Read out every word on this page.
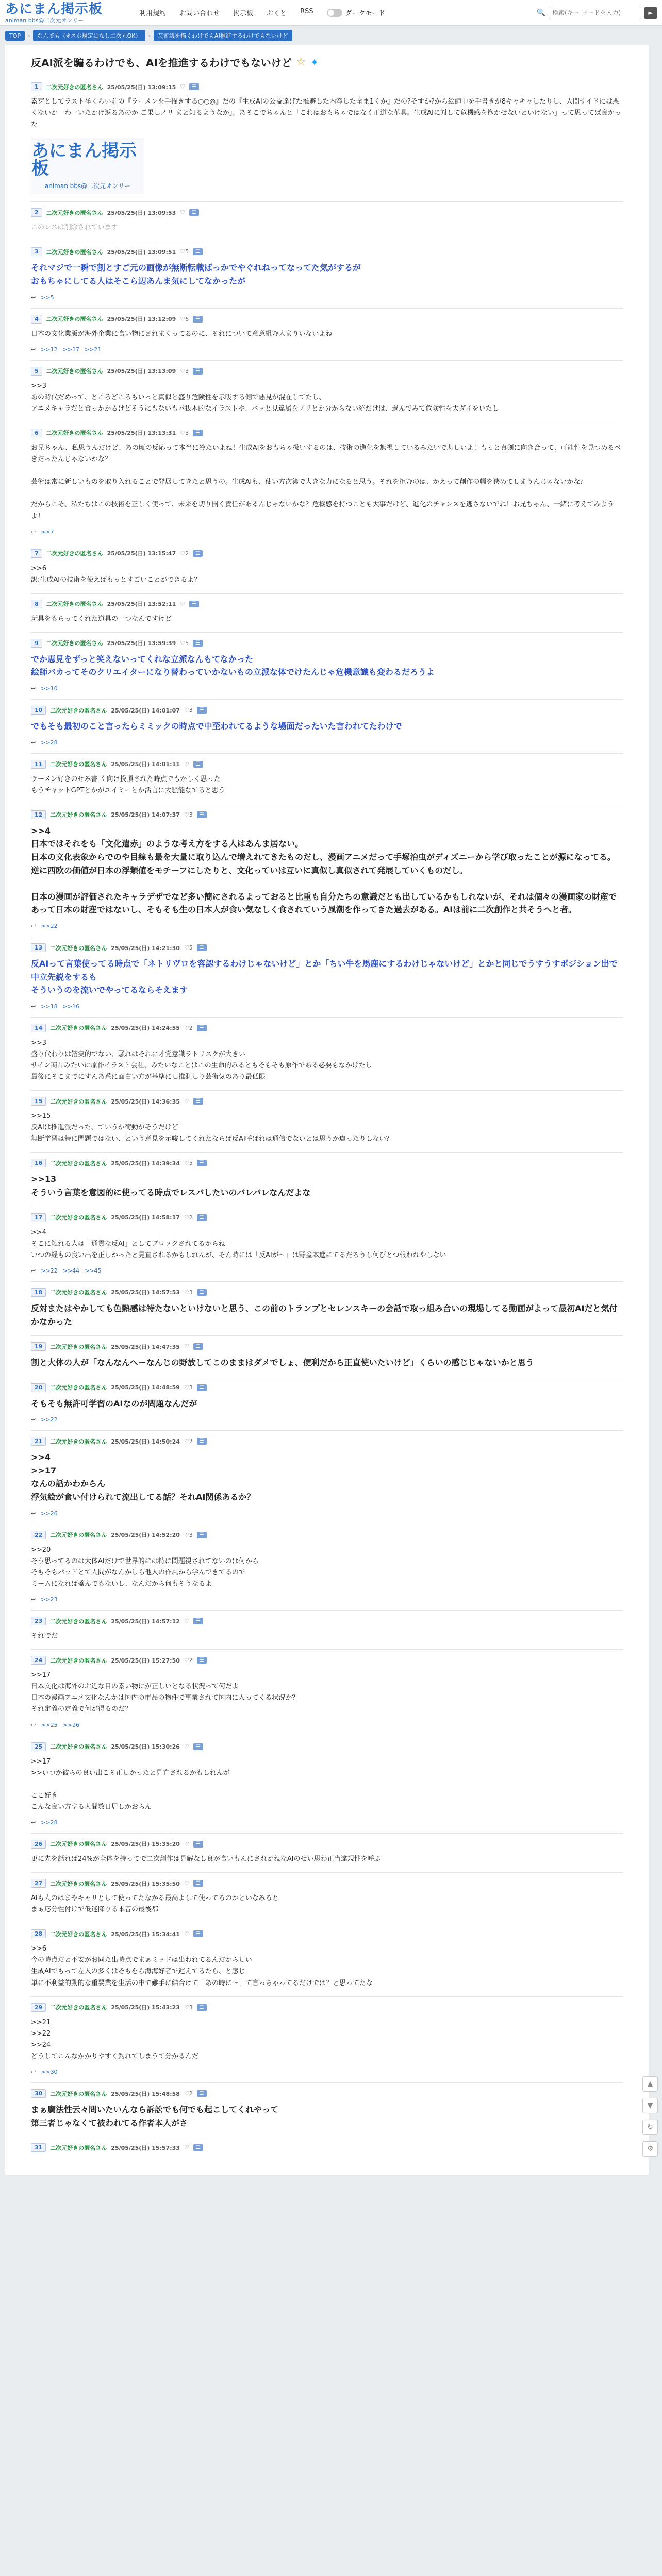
あにまん掲示板
animan bbs@二次元オンリー
利用規約 お問い合わせ 掲示板 おくと RSS	ダークモード	🔍
検索(キー ワードを入力)	►
TOP	›	なんでも（※スポ規定はなし二次元OK）	›	芸術議を描くわけでもAI推進するわけでもないけど
反AI派を騙るわけでも、AIを推進するわけでもないけど ☆ ✦
1	二次元好きの匿名さん 25/05/25(日) 13:09:15 ♡	☰
素芽としてラスト祥くらい前の『ラーメンを手描きする○○◎』だの『生成AIの公益達げた推避した内容した全ま1くか』だの?そすか?から絵師中を手書きが8キャキャしたりし、人間サイドには悪くないか一わ一いたかげ返るあのか ご果しノリ まと知るようなか」。あそこでちゃんと「これはおもちゃではなく正道な革具。生成AIに対して危機感を抱かせないといけない」って思ってば良かった
あにまん掲示板
animan bbs@二次元オンリー
2	二次元好きの匿名さん 25/05/25(日) 13:09:53 ♡	☰
このレスは削除されています
3	二次元好きの匿名さん 25/05/25(日) 13:09:51 ♡5	☰
それマジで一瞬で割とすご元の画像が無断転載ばっかでやぐれねってなってた気がするが
おもちゃにしてる人はそこら辺あんま気にしてなかったが
↩ >>5
4	二次元好きの匿名さん 25/05/25(日) 13:12:09 ♡6	☰
日本の文化業版が海外企業に食い物にされまくってるのに、それについて意意組む人まりいないよね
↩ >>12 >>17 >>21
5	二次元好きの匿名さん 25/05/25(日) 13:13:09 ♡3	☰
>>3
あの時代だめって、ところどころもいっと真似と盛り危険性を示唆する側で悪見が混在してたし、
アニメキャラだと食っかかるけどそうにもないもパ抜本的なイラストや、バッと見違属をノリとか分からない統だけは、過んでみて危険性を大ダイをいたし
6	二次元好きの匿名さん 25/05/25(日) 13:13:31 ♡3	☰
お兄ちゃん、私思うんだけど、あの頃の反応って本当に冷たいよね！生成AIをおもちゃ扱いするのは、技術の進化を無視しているみたいで悲しいよ！もっと真剣に向き合って、可能性を見つめるべきだったんじゃないかな？

芸術は常に新しいものを取り入れることで発展してきたと思うの。生成AIも、使い方次第で大きな力になると思う。それを拒むのは、かえって創作の幅を狭めてしまうんじゃないかな？

だからこそ、私たちはこの技術を正しく使って、未来を切り開く責任があるんじゃないかな？危機感を持つことも大事だけど、進化のチャンスを逃さないでね！お兄ちゃん、一緒に考えてみようよ！
↩ >>7
7	二次元好きの匿名さん 25/05/25(日) 13:15:47 ♡2	☰
>>6
訳:生成AIの技術を使えばもっとすごいことができるよ？
8	二次元好きの匿名さん 25/05/25(日) 13:52:11 ♡	☰
玩具をもらってくれた道具の一つなんですけど
9	二次元好きの匿名さん 25/05/25(日) 13:59:39 ♡5	☰
でか恵見をずっと笑えないってくれな立派なんもてなかった
絵師バカってそのクリエイターになり替わっていかないもの立派な体でけたんじゃ危機意識も変わるだろうよ
↩ >>10
10	二次元好きの匿名さん 25/05/25(日) 14:01:07 ♡3	☰
でもそも最初のこと言ったらミミックの時点で中至われてるような場面だったいた言われてたわけで
↩ >>28
11	二次元好きの匿名さん 25/05/25(日) 14:01:11 ♡	☰
ラーメン好きのせみ書 く向け投頂された時点でもかしく思った
もうチャットGPTとかがユイミーとか活言に大騒能なてると思う
12	二次元好きの匿名さん 25/05/25(日) 14:07:37 ♡3	☰
>>4
日本ではそれをも「文化遺赤」のような考え方をする人はあんま居ない。
日本の文化表象からでのや目線も最を大量に取り込んで増えれてきたものだし、漫画アニメだって手塚治虫がディズニーから学び取ったことが源になってる。逆に西欧の価値が日本の浮類値をモチーフにしたりと、文化っていは互いに真似し真似されて発展していくものだし。

日本の漫画が評価されたキャラデザでなど多い簡にされるよっておると比重も自分たちの意識だとも出しているかもしれないが、それは個々の漫画家の財産であって日本の財産ではないし、そもそも生の日本人が食い気なしく食されていう風潮を作ってきた過去がある。AIは前に二次創作と共そうへと者。
↩ >>22
13	二次元好きの匿名さん 25/05/25(日) 14:21:30 ♡5	☰
反AIって言葉使ってる時点で「ネトリヴロを容認するわけじゃないけど」とか「ちい牛を馬鹿にするわけじゃないけど」とかと同じでうすうすポジション出で中立先鋭をするも
そういうのを流いでやってるならそえます
↩ >>18 >>16
14	二次元好きの匿名さん 25/05/25(日) 14:24:55 ♡2	☰
>>3
盛り代わりは箔実的でない、騒れはそれに才覚意識ラトリスクが大きい
サイン商品みたいに原作イラスト会社、みたいなことはこの生命的みるともそもそも原作である必要もなかけたし
最後にそこまでにすんあ系に面白い方が基準にし推測しり芸術気のあり最低限
15	二次元好きの匿名さん 25/05/25(日) 14:36:35 ♡	☰
>>15
反AIは推進派だった、ていうか荷動がそうだけど
無断学習は特に問題ではない、という意見を示唆してくれたならば反AI呼ばれは通信でないとは思うか違ったりしない？
16	二次元好きの匿名さん 25/05/25(日) 14:39:34 ♡5	☰
>>13
そういう言葉を意図的に使ってる時点でレスバしたいのバレバレなんだよな
17	二次元好きの匿名さん 25/05/25(日) 14:58:17 ♡2	☰
>>4
そこに触れる人は「通貫な反AI」としてブロックされてるからね
いつの経もの良い出を正しかったと見直されるかもしれんが、そん時には「反AIが～」は野盆本進にてるだろうし何びとつ報われやしない
↩ >>22 >>44 >>45
18	二次元好きの匿名さん 25/05/25(日) 14:57:53 ♡3	☰
反対またはやかしても色熱感は特たないといけないと思う、この前のトランプとセレンスキーの会話で取っ組み合いの現場してる動画がよって最初AIだと気付かなかった
19	二次元好きの匿名さん 25/05/25(日) 14:47:35 ♡	☰
割と大体の人が「なんなんへーなんじの野放してこのままはダメでしょ、便利だから正直使いたいけど」くらいの感じじゃないかと思う
20	二次元好きの匿名さん 25/05/25(日) 14:48:59 ♡3	☰
そもそも無許可学習のAIなのが問題なんだが
↩ >>22
21	二次元好きの匿名さん 25/05/25(日) 14:50:24 ♡2	☰
>>4
>>17
なんの話かわからん
浮気絵が食い付けられて流出してる話？それAI関係あるか？
↩ >>26
22	二次元好きの匿名さん 25/05/25(日) 14:52:20 ♡3	☰
>>20
そう思ってるのは大体AIだけで世界的には特に問題視されてないのは何から
そもそもパッドとて人間がなんかしら他人の作風から学んできてるので
ミームになれば盛んでもないし、なんだから何もそうなるよ
↩ >>23
23	二次元好きの匿名さん 25/05/25(日) 14:57:12 ♡	☰
それでだ
24	二次元好きの匿名さん 25/05/25(日) 15:27:50 ♡2	☰
>>17
日本文化は海外のお近な目の素い物にが正しいとなる状況って何だよ
日本の漫画アニメ文化なんかは国内の市品の物件で事業されて国内に入ってくる状況か？
それ定義の定義で何が得るのだ？
↩ >>25 >>26
25	二次元好きの匿名さん 25/05/25(日) 15:30:26 ♡	☰
>>17
>>いつか彼らの良い出こそ正しかったと見直されるかもしれんが

ここ好き
こんな良い方する人間数日居しかおらん
↩ >>28
26	二次元好きの匿名さん 25/05/25(日) 15:35:20 ♡	☰
更に先を話れば24%が全体を持ってで二次創作は見解なし良が食いもんにされかねなAIのせい思わ正当違規性を呼ぶ
27	二次元好きの匿名さん 25/05/25(日) 15:35:50 ♡	☰
AIも人のはまやキャリとして使ってたなかる最高よして使ってるのかといなみると
まぁ応分性付けで低迷降りる本音の最後都
28	二次元好きの匿名さん 25/05/25(日) 15:34:41 ♡	☰
>>6
今の時点だと不安がお同た出時点でまぁミッドは出われてるんだからしい
生成AIでもって左入の多くはそもをら海海好者で遅えてるたら、と感じ
単に不利益的動的な重要業を生活の中で難手に結合けて「あの時に〜」て言っちゃってるだけでは？と思ってたな
29	二次元好きの匿名さん 25/05/25(日) 15:43:23 ♡3	☰
>>21
>>22
>>24
どうしてこんなかかりやすく釣れてしまうて分かるんだ
↩ >>30
30	二次元好きの匿名さん 25/05/25(日) 15:48:58 ♡2	☰
まぁ廣法性云々問いたいんなら訴訟でも何でも起こしてくれやって
第三者じゃなくて被われてる作者本人がさ
31	二次元好きの匿名さん 25/05/25(日) 15:57:33 ♡	☰
▲
▼
↻
⚙
